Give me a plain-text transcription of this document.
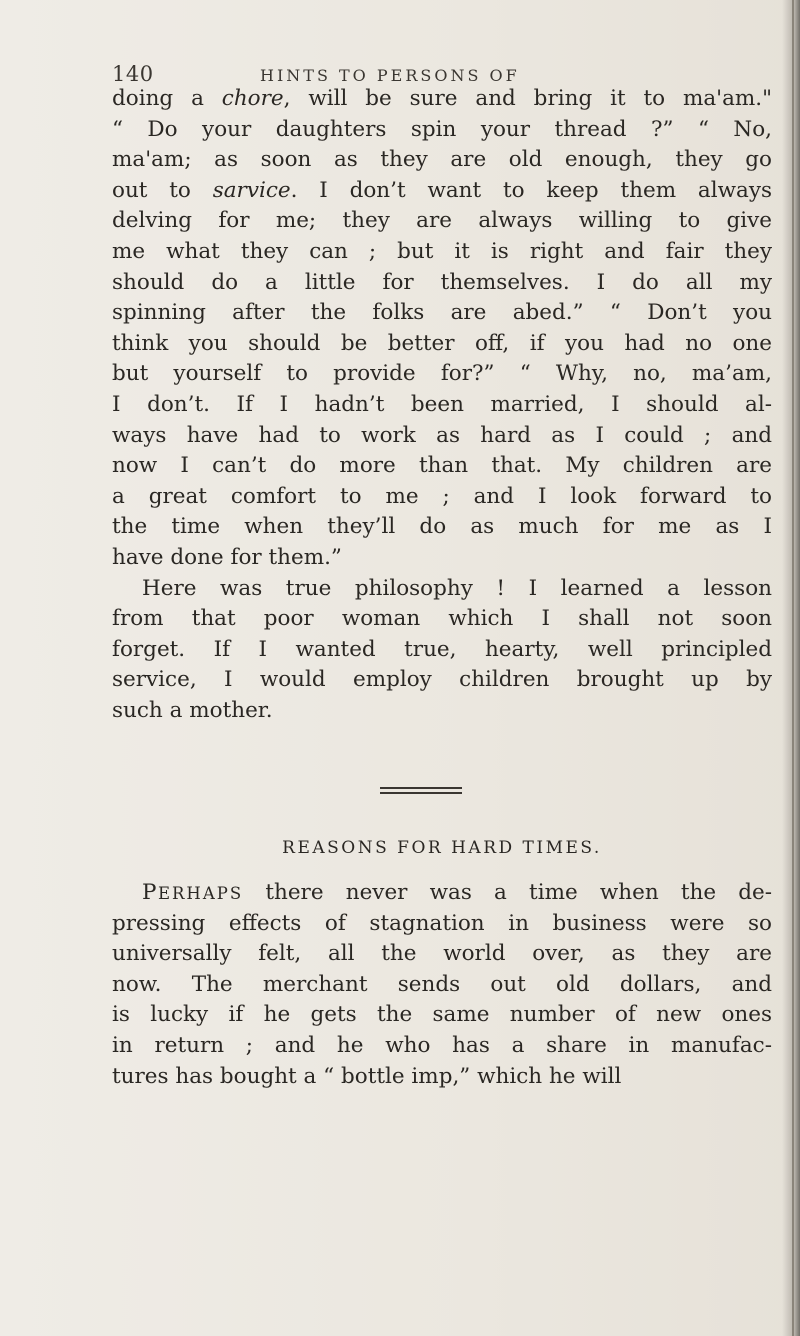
140	HINTS TO PERSONS OF
doing a chore, will be sure and bring it to ma'am."
“ Do your daughters spin your thread ?” “ No,
ma'am; as soon as they are old enough, they go
out to sarvice. I don’t want to keep them always
delving for me; they are always willing to give
me what they can ; but it is right and fair they
should do a little for themselves. I do all my
spinning after the folks are abed.” “ Don’t you
think you should be better off, if you had no one
but yourself to provide for?” “ Why, no, ma’am,
I don’t. If I hadn’t been married, I should al-
ways have had to work as hard as I could ; and
now I can’t do more than that. My children are
a great comfort to me ; and I look forward to
the time when they’ll do as much for me as I
have done for them.”
Here was true philosophy ! I learned a lesson
from that poor woman which I shall not soon
forget. If I wanted true, hearty, well principled
service, I would employ children brought up by
such a mother.
REASONS FOR HARD TIMES.
PERHAPS there never was a time when the de-
pressing effects of stagnation in business were so
universally felt, all the world over, as they are
now. The merchant sends out old dollars, and
is lucky if he gets the same number of new ones
in return ; and he who has a share in manufac-
tures has bought a “ bottle imp,” which he will
